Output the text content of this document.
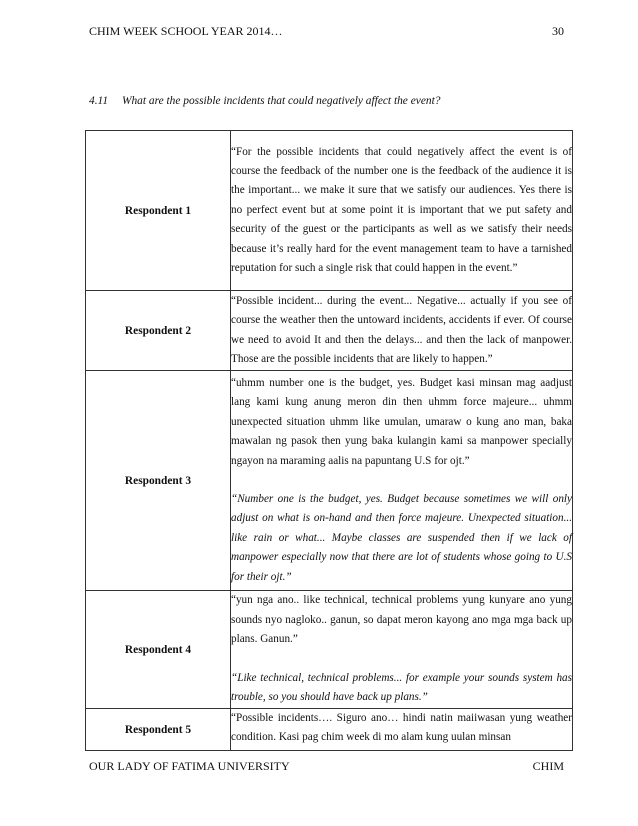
CHIM WEEK SCHOOL YEAR 2014…	30
4.11 What are the possible incidents that could negatively affect the event?
Respondent 1	“For the possible incidents that could negatively affect the event is of course the feedback of the number one is the feedback of the audience it is the important... we make it sure that we satisfy our audiences. Yes there is no perfect event but at some point it is important that we put safety and security of the guest or the participants as well as we satisfy their needs because it’s really hard for the event management team to have a tarnished reputation for such a single risk that could happen in the event.”

Respondent 2	“Possible incident... during the event... Negative... actually if you see of course the weather then the untoward incidents, accidents if ever. Of course we need to avoid It and then the delays... and then the lack of manpower. Those are the possible incidents that are likely to happen.”

Respondent 3	“uhmm number one is the budget, yes. Budget kasi minsan mag aadjust lang kami kung anung meron din then uhmm force majeure... uhmm unexpected situation uhmm like umulan, umaraw o kung ano man, baka mawalan ng pasok then yung baka kulangin kami sa manpower specially ngayon na maraming aalis na papuntang U.S for ojt.”

“Number one is the budget, yes. Budget because sometimes we will only adjust on what is on-hand and then force majeure. Unexpected situation... like rain or what... Maybe classes are suspended then if we lack of manpower especially now that there are lot of students whose going to U.S for their ojt.”

Respondent 4	“yun nga ano.. like technical, technical problems yung kunyare ano yung sounds nyo nagloko.. ganun, so dapat meron kayong ano mga mga back up plans. Ganun.”

“Like technical, technical problems... for example your sounds system has trouble, so you should have back up plans.”

Respondent 5	“Possible incidents…. Siguro ano… hindi natin maiiwasan yung weather condition. Kasi pag chim week di mo alam kung uulan minsan

OUR LADY OF FATIMA UNIVERSITY	CHIM
